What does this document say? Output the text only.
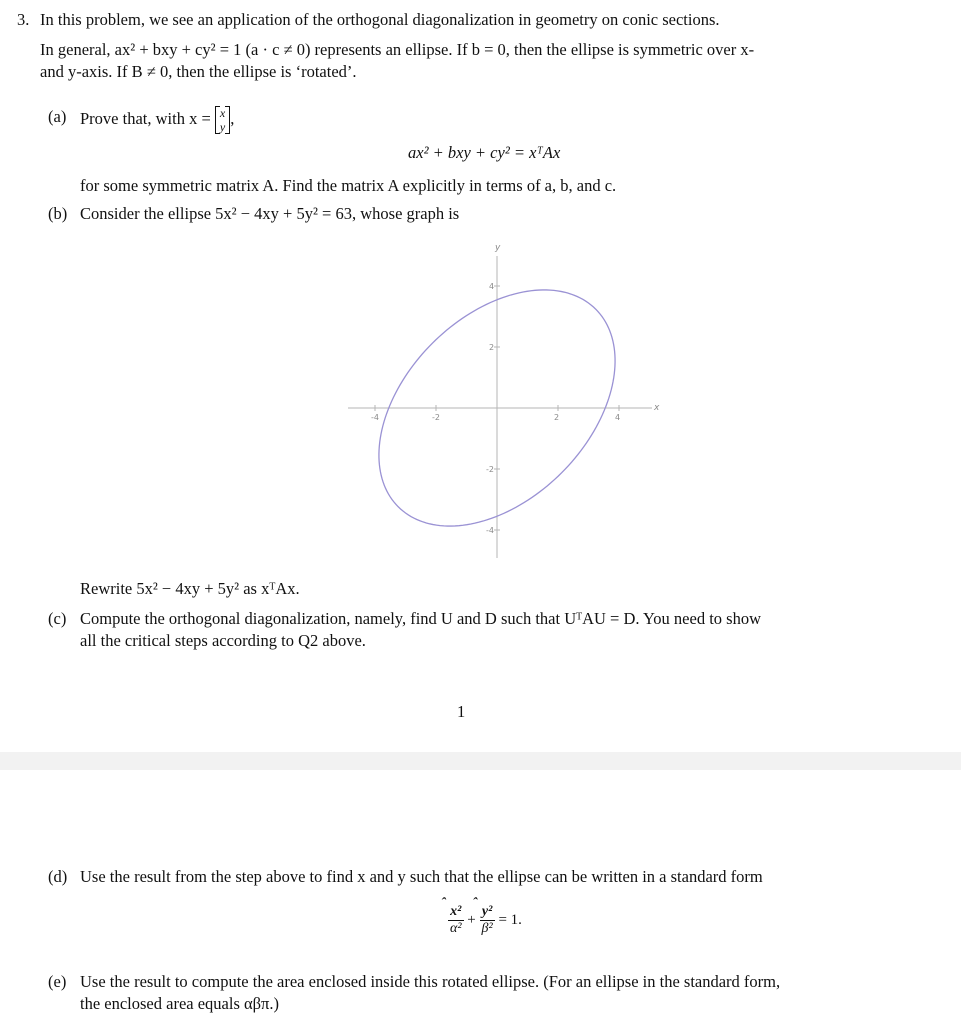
3. In this problem, we see an application of the orthogonal diagonalization in geometry on conic sections.
In general, ax² + bxy + cy² = 1 (a · c ≠ 0) represents an ellipse. If b = 0, then the ellipse is symmetric over x-
and y-axis. If B ≠ 0, then the ellipse is ‘rotated’.
(a) Prove that, with x = x
y ,
ax² + bxy + cy² = xᵀAx
for some symmetric matrix A. Find the matrix A explicitly in terms of a, b, and c.
(b) Consider the ellipse 5x² − 4xy + 5y² = 63, whose graph is
-4	-2	2	4
4
2
-2
-4
x
y
Rewrite 5x² − 4xy + 5y² as xᵀAx.
(c) Compute the orthogonal diagonalization, namely, find U and D such that UᵀAU = D. You need to show
all the critical steps according to Q2 above.
1
(d) Use the result from the step above to find x and y such that the ellipse can be written in a standard form
ˆ $\frac{\text{x²}}{\text{α²}}$ +
ˆ $\frac{\text{y²}}{\text{β²}} = 1$.
(e) Use the result to compute the area enclosed inside this rotated ellipse. (For an ellipse in the standard form,
the enclosed area equals αβπ.)
